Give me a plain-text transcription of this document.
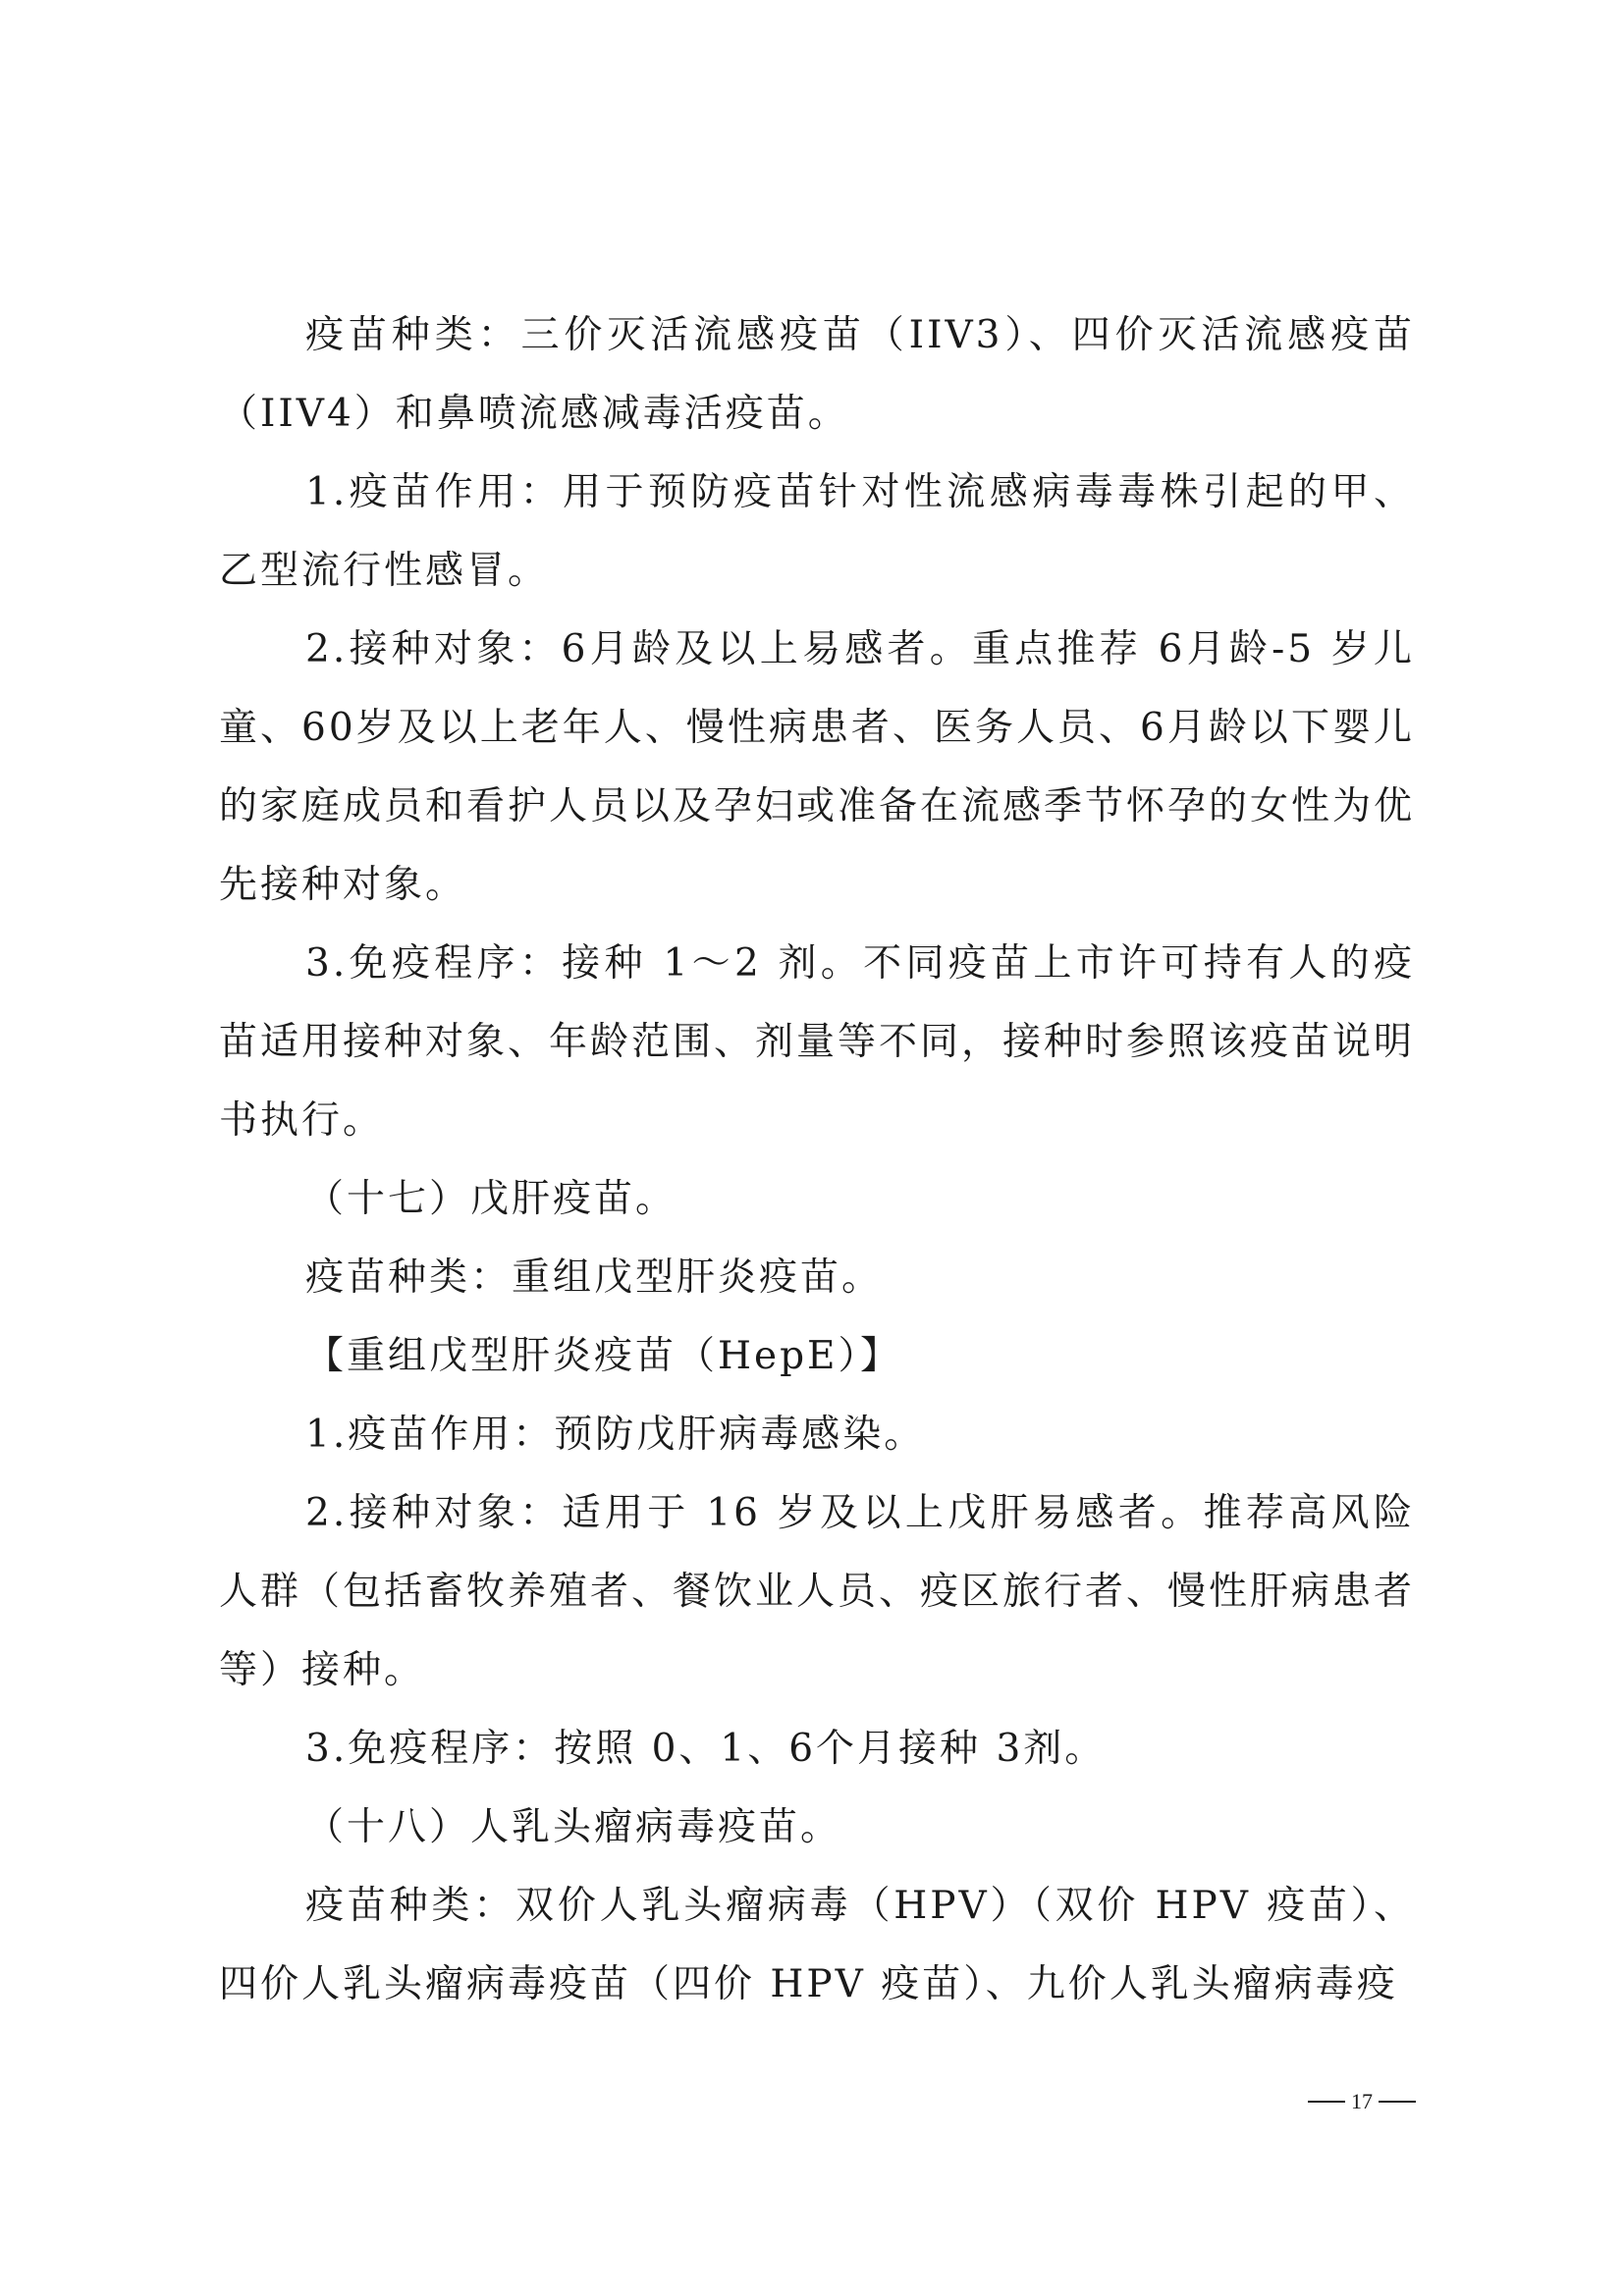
疫苗种类：三价灭活流感疫苗（IIV3）、四价灭活流感疫苗（IIV4）和鼻喷流感减毒活疫苗。

1.疫苗作用：用于预防疫苗针对性流感病毒毒株引起的甲、乙型流行性感冒。

2.接种对象：6月龄及以上易感者。重点推荐 6月龄-5 岁儿童、60岁及以上老年人、慢性病患者、医务人员、6月龄以下婴儿的家庭成员和看护人员以及孕妇或准备在流感季节怀孕的女性为优先接种对象。

3.免疫程序：接种 1～2 剂。不同疫苗上市许可持有人的疫苗适用接种对象、年龄范围、剂量等不同，接种时参照该疫苗说明书执行。

（十七）戊肝疫苗。

疫苗种类：重组戊型肝炎疫苗。

【重组戊型肝炎疫苗（HepE）】

1.疫苗作用：预防戊肝病毒感染。

2.接种对象：适用于 16 岁及以上戊肝易感者。推荐高风险人群（包括畜牧养殖者、餐饮业人员、疫区旅行者、慢性肝病患者等）接种。

3.免疫程序：按照 0、1、6个月接种 3剂。

（十八）人乳头瘤病毒疫苗。

疫苗种类：双价人乳头瘤病毒（HPV）（双价 HPV 疫苗）、四价人乳头瘤病毒疫苗（四价 HPV 疫苗）、九价人乳头瘤病毒疫

17
